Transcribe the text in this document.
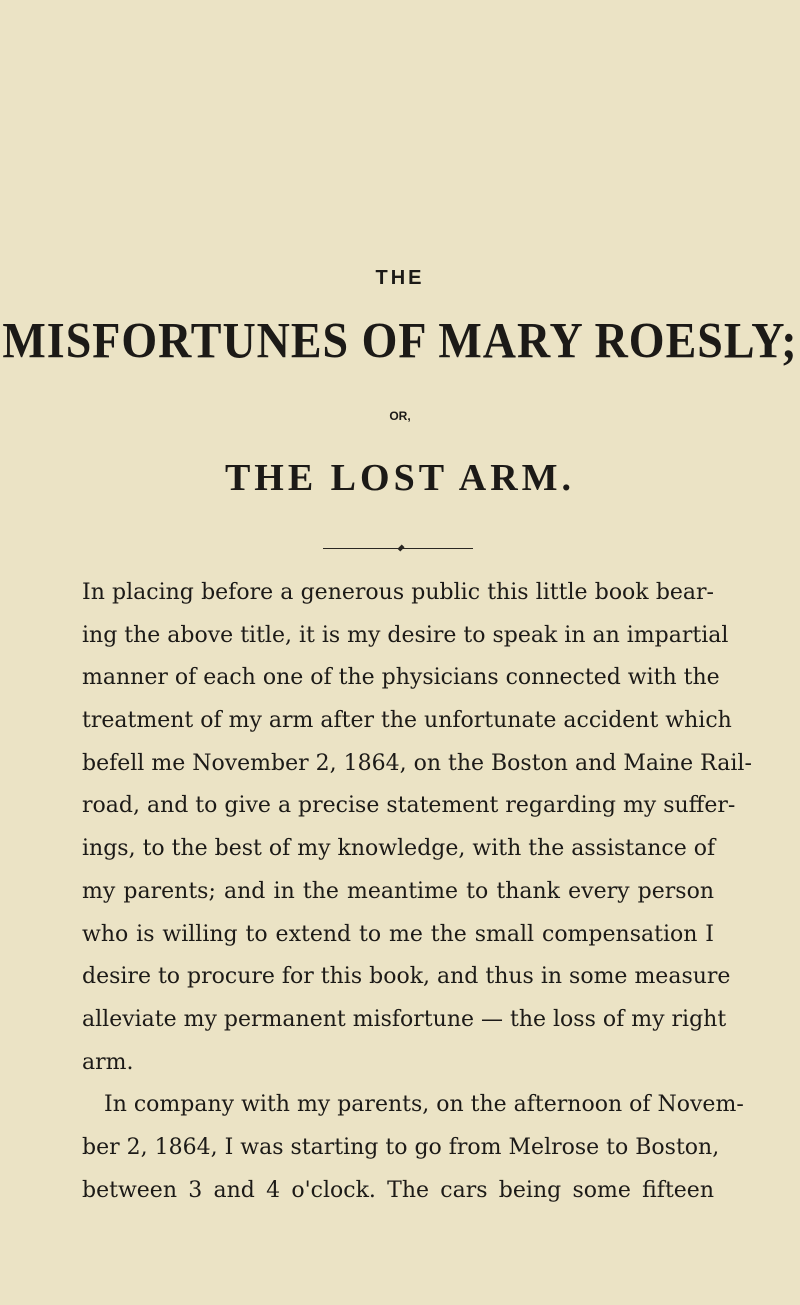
THE
MISFORTUNES OF MARY ROESLY;
OR,
THE LOST ARM.
In placing before a generous public this little book bear-
ing the above title, it is my desire to speak in an impartial
manner of each one of the physicians connected with the
treatment of my arm after the unfortunate accident which
befell me November 2, 1864, on the Boston and Maine Rail-
road, and to give a precise statement regarding my suffer-
ings, to the best of my knowledge, with the assistance of
my parents; and in the meantime to thank every person
who is willing to extend to me the small compensation I
desire to procure for this book, and thus in some measure
alleviate my permanent misfortune — the loss of my right
arm.
In company with my parents, on the afternoon of Novem-
ber 2, 1864, I was starting to go from Melrose to Boston,
between 3 and 4 o'clock. The cars being some fifteen
